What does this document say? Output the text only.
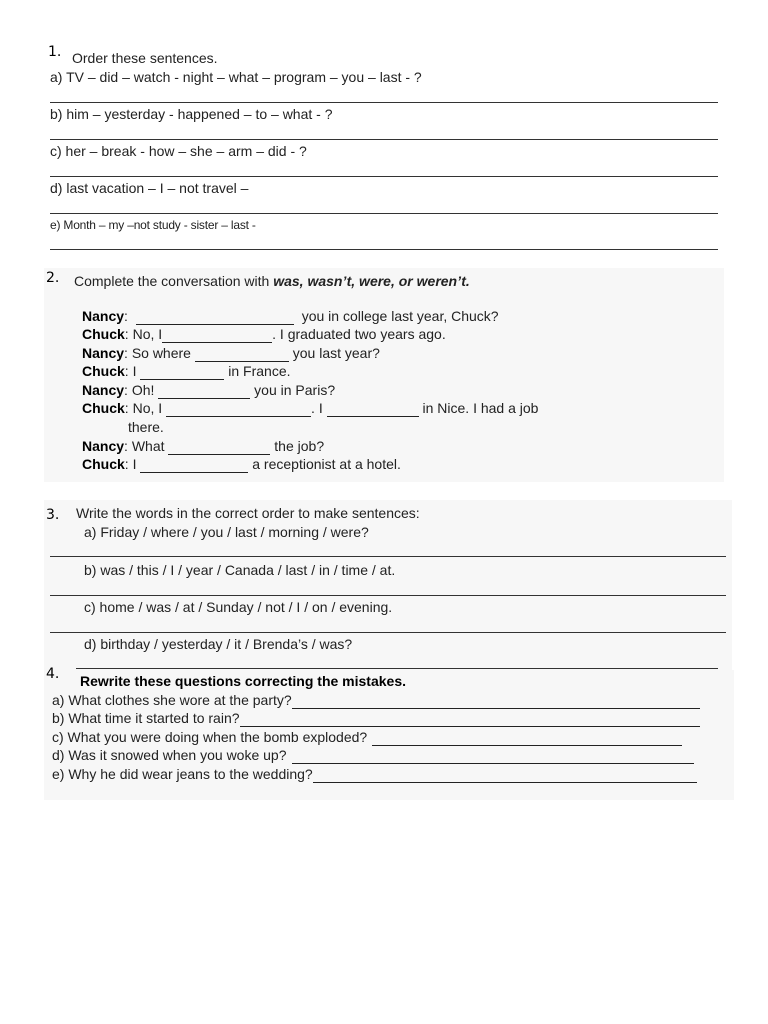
1. Order these sentences.
a) TV – did – watch - night – what – program – you – last - ?
b) him – yesterday - happened – to – what - ?
c) her – break - how – she – arm – did - ?
d) last vacation – I – not travel –
e) Month – my –not study - sister – last -
2. Complete the conversation with was, wasn’t, were, or weren’t.
Nancy:	you in college last year, Chuck?
Chuck: No, I	. I graduated two years ago.
Nancy: So where	you last year?
Chuck: I	in France.
Nancy: Oh!	you in Paris?
Chuck: No, I	. I	in Nice. I had a job
there.
Nancy: What	the job?
Chuck: I	a receptionist at a hotel.
3. Write the words in the correct order to make sentences:
a) Friday / where / you / last / morning / were?
b) was / this / I / year / Canada / last / in / time / at.
c) home / was / at / Sunday / not / I / on / evening.
d) birthday / yesterday / it / Brenda’s / was?
4. Rewrite these questions correcting the mistakes.
a) What clothes she wore at the party?
b) What time it started to rain?
c) What you were doing when the bomb exploded?
d) Was it snowed when you woke up?
e) Why he did wear jeans to the wedding?
